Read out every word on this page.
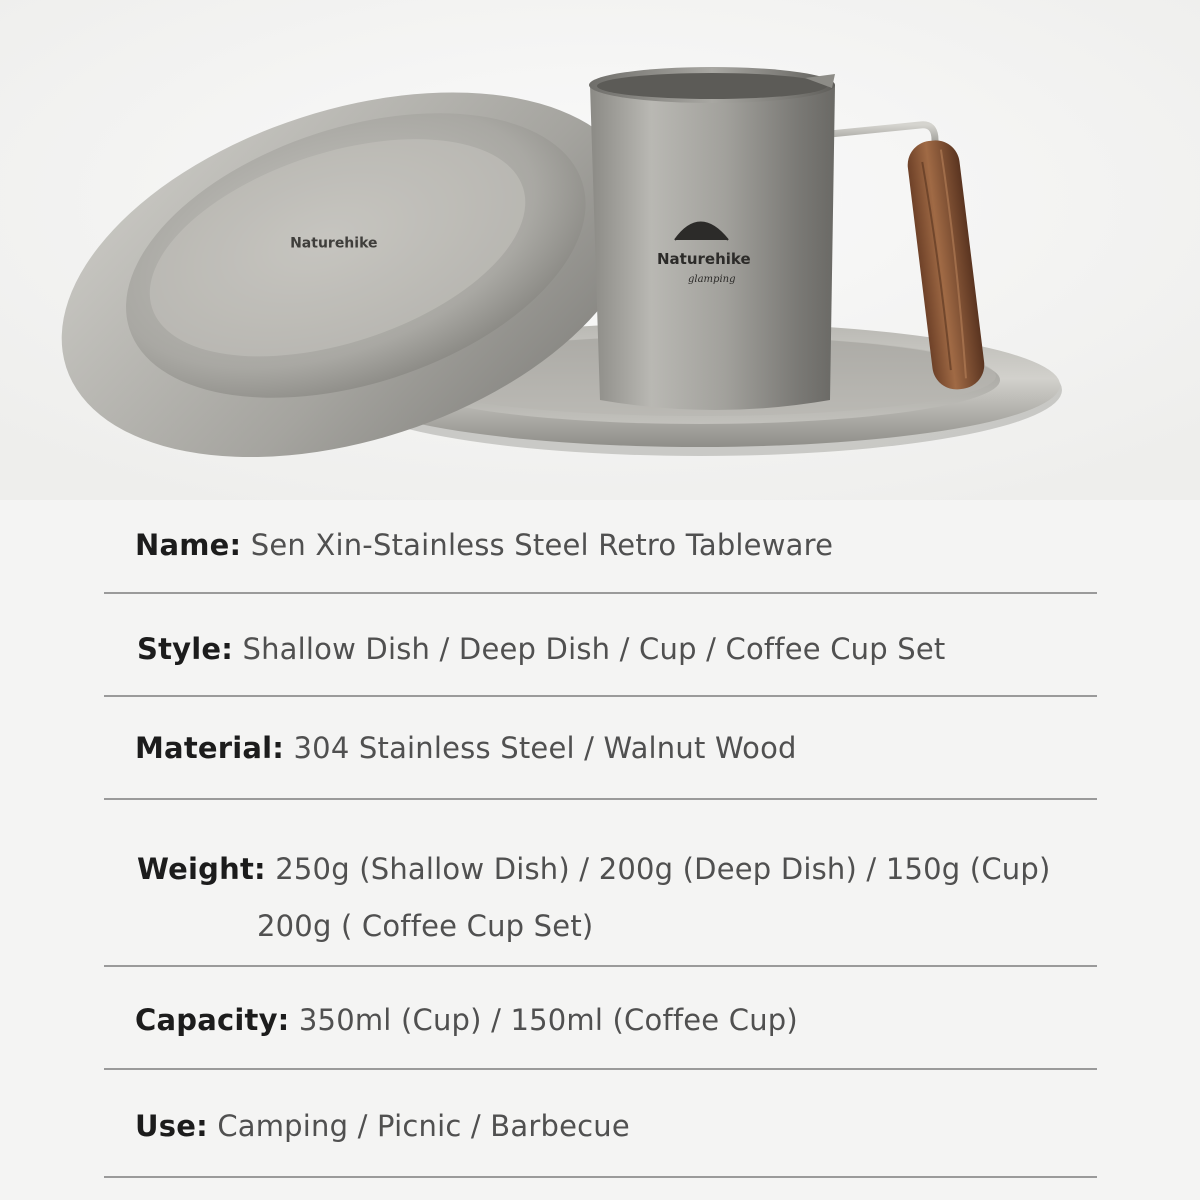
Naturehike
Naturehike
glamping
Name: Sen Xin-Stainless Steel Retro Tableware
Style: Shallow Dish / Deep Dish / Cup / Coffee Cup Set
Material: 304 Stainless Steel / Walnut Wood
Weight: 250g (Shallow Dish) / 200g (Deep Dish) / 150g (Cup)
200g ( Coffee Cup Set)
Capacity: 350ml (Cup) / 150ml (Coffee Cup)
Use: Camping / Picnic / Barbecue
